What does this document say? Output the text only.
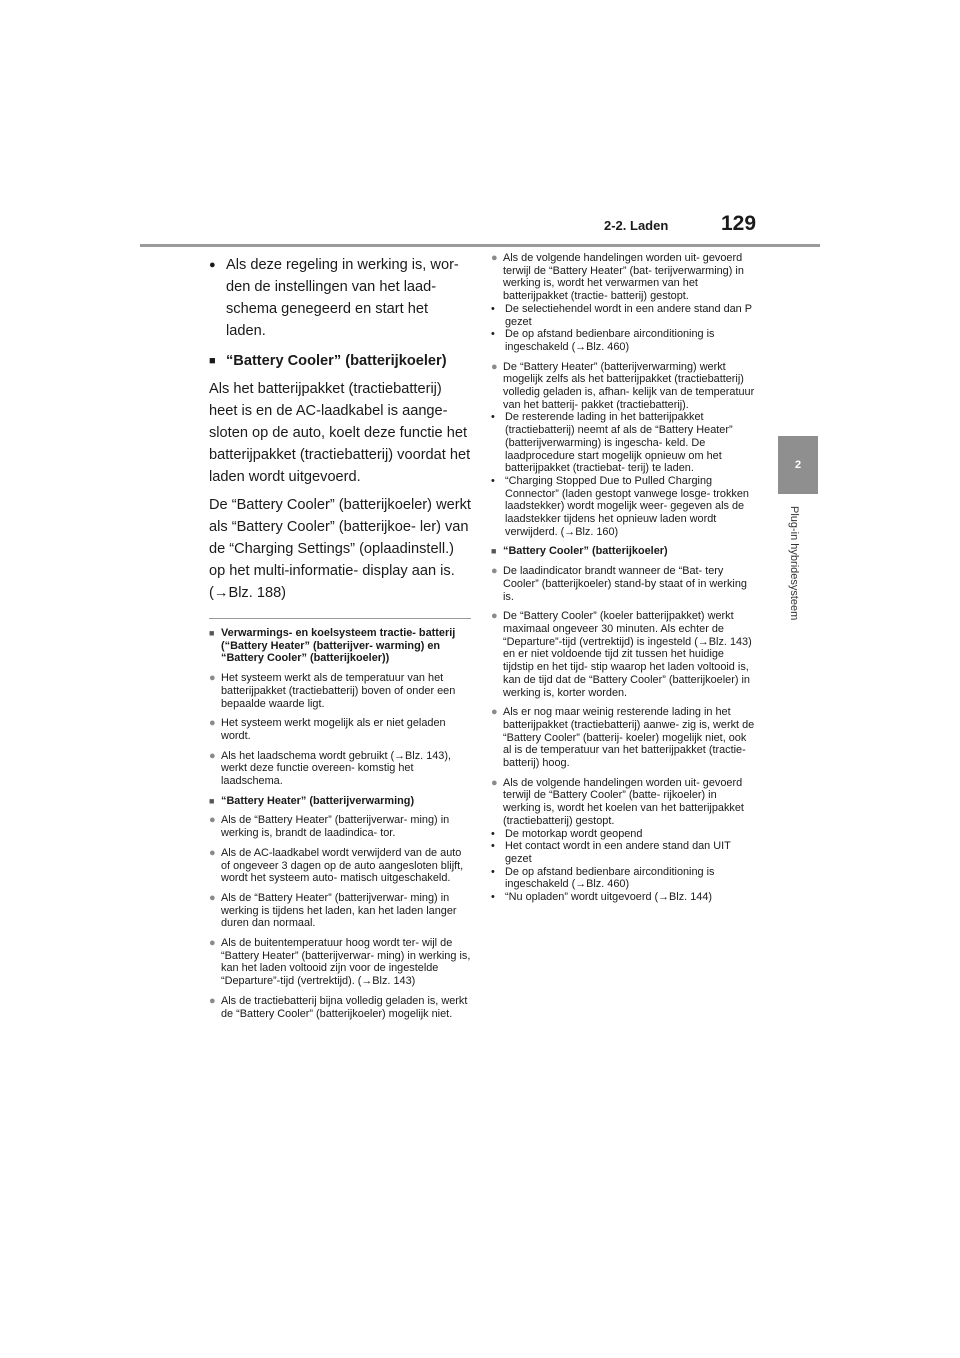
2-2. Laden	129
2
Plug-in hybridesysteem
● Als deze regeling in werking is, wor- den de instellingen van het laad- schema genegeerd en start het laden.

■ “Battery Cooler” (batterijkoeler)

Als het batterijpakket (tractiebatterij) heet is en de AC-laadkabel is aange- sloten op de auto, koelt deze functie het batterijpakket (tractiebatterij) voordat het laden wordt uitgevoerd.

De “Battery Cooler” (batterijkoeler) werkt als “Battery Cooler” (batterijkoe- ler) van de “Charging Settings” (oplaadinstell.) op het multi-informatie- display aan is. (→Blz. 188)

■ Verwarmings- en koelsysteem tractie- batterij (“Battery Heater” (batterijver- warming) en “Battery Cooler” (batterijkoeler))

● Het systeem werkt als de temperatuur van het batterijpakket (tractiebatterij) boven of onder een bepaalde waarde ligt.

● Het systeem werkt mogelijk als er niet geladen wordt.

● Als het laadschema wordt gebruikt (→Blz. 143), werkt deze functie overeen- komstig het laadschema.

■ “Battery Heater” (batterijverwarming)

● Als de “Battery Heater” (batterijverwar- ming) in werking is, brandt de laadindica- tor.

● Als de AC-laadkabel wordt verwijderd van de auto of ongeveer 3 dagen op de auto aangesloten blijft, wordt het systeem auto- matisch uitgeschakeld.

● Als de “Battery Heater” (batterijverwar- ming) in werking is tijdens het laden, kan het laden langer duren dan normaal.

● Als de buitentemperatuur hoog wordt ter- wijl de “Battery Heater” (batterijverwar- ming) in werking is, kan het laden voltooid zijn voor de ingestelde “Departure”-tijd (vertrektijd). (→Blz. 143)

● Als de tractiebatterij bijna volledig geladen is, werkt de “Battery Cooler” (batterijkoeler) mogelijk niet.

● Als de volgende handelingen worden uit- gevoerd terwijl de “Battery Heater” (bat- terijverwarming) in werking is, wordt het verwarmen van het batterijpakket (tractie- batterij) gestopt.

• De selectiehendel wordt in een andere stand dan P gezet

• De op afstand bedienbare airconditioning is ingeschakeld (→Blz. 460)

● De “Battery Heater” (batterijverwarming) werkt mogelijk zelfs als het batterijpakket (tractiebatterij) volledig geladen is, afhan- kelijk van de temperatuur van het batterij- pakket (tractiebatterij).

• De resterende lading in het batterijpakket (tractiebatterij) neemt af als de “Battery Heater” (batterijverwarming) is ingescha- keld. De laadprocedure start mogelijk opnieuw om het batterijpakket (tractiebat- terij) te laden.

• “Charging Stopped Due to Pulled Charging Connector” (laden gestopt vanwege losge- trokken laadstekker) wordt mogelijk weer- gegeven als de laadstekker tijdens het opnieuw laden wordt verwijderd. (→Blz. 160)

■ “Battery Cooler” (batterijkoeler)

● De laadindicator brandt wanneer de “Bat- tery Cooler” (batterijkoeler) stand-by staat of in werking is.

● De “Battery Cooler” (koeler batterijpakket) werkt maximaal ongeveer 30 minuten. Als echter de “Departure”-tijd (vertrektijd) is ingesteld (→Blz. 143) en er niet voldoende tijd zit tussen het huidige tijdstip en het tijd- stip waarop het laden voltooid is, kan de tijd dat de “Battery Cooler” (batterijkoeler) in werking is, korter worden.

● Als er nog maar weinig resterende lading in het batterijpakket (tractiebatterij) aanwe- zig is, werkt de “Battery Cooler” (batterij- koeler) mogelijk niet, ook al is de temperatuur van het batterijpakket (tractie- batterij) hoog.

● Als de volgende handelingen worden uit- gevoerd terwijl de “Battery Cooler” (batte- rijkoeler) in werking is, wordt het koelen van het batterijpakket (tractiebatterij) gestopt.

• De motorkap wordt geopend

• Het contact wordt in een andere stand dan UIT gezet

• De op afstand bedienbare airconditioning is ingeschakeld (→Blz. 460)

• “Nu opladen” wordt uitgevoerd (→Blz. 144)
